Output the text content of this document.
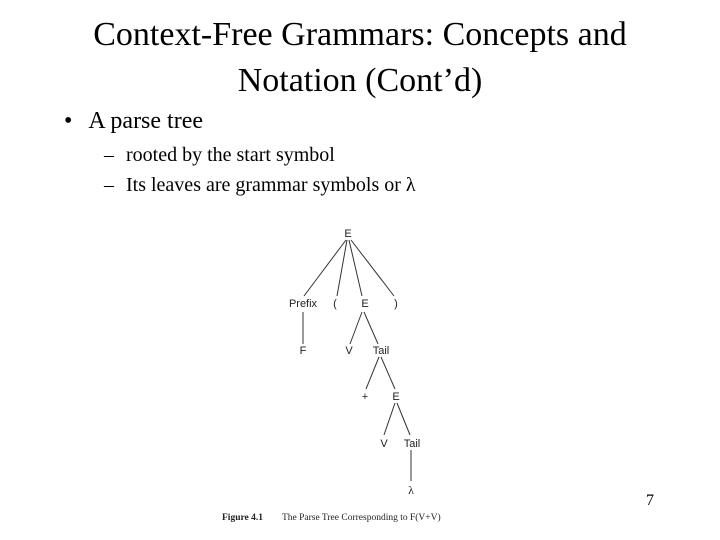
Context-Free Grammars: Concepts and
Notation (Cont’d)
• A parse tree
– rooted by the start symbol
– Its leaves are grammar symbols or λ
E
Prefix ( E )
F	V Tail
+ E
V Tail
λ
Figure 4.1 The Parse Tree Corresponding to F(V+V)
7
